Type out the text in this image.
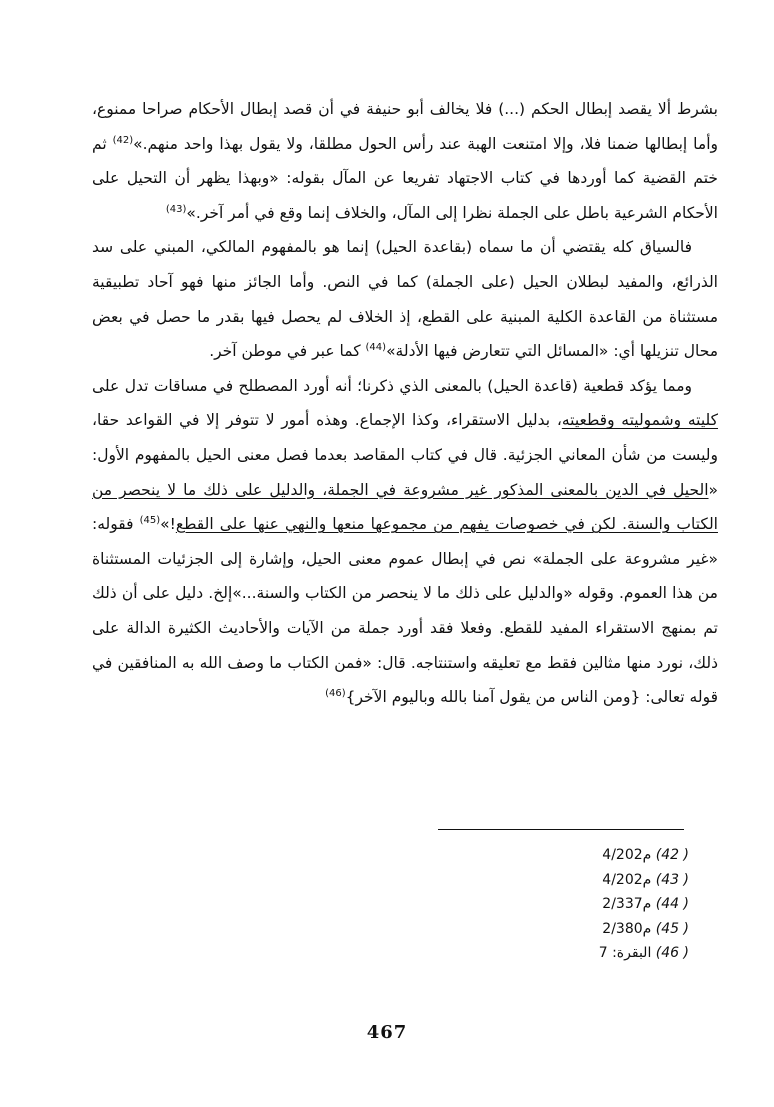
بشرط ألا يقصد إبطال الحكم (...) فلا يخالف أبو حنيفة في أن قصد إبطال الأحكام صراحا ممنوع، وأما إبطالها ضمنا فلا، وإلا امتنعت الهبة عند رأس الحول مطلقا، ولا يقول بهذا واحد منهم.»$^{(42)}$ ثم ختم القضية كما أوردها في كتاب الاجتهاد تفريعا عن المآل بقوله: «وبهذا يظهر أن التحيل على الأحكام الشرعية باطل على الجملة نظرا إلى المآل، والخلاف إنما وقع في أمر آخر.»$^{(43)}$

فالسياق كله يقتضي أن ما سماه (بقاعدة الحيل) إنما هو بالمفهوم المالكي، المبني على سد الذرائع، والمفيد لبطلان الحيل (على الجملة) كما في النص. وأما الجائز منها فهو آحاد تطبيقية مستثناة من القاعدة الكلية المبنية على القطع، إذ الخلاف لم يحصل فيها بقدر ما حصل في بعض محال تنزيلها أي: «المسائل التي تتعارض فيها الأدلة»$^{(44)}$ كما عبر في موطن آخر.

ومما يؤكد قطعية (قاعدة الحيل) بالمعنى الذي ذكرنا؛ أنه أورد المصطلح في مساقات تدل على كليته وشموليته وقطعيته، بدليل الاستقراء، وكذا الإجماع. وهذه أمور لا تتوفر إلا في القواعد حقا، وليست من شأن المعاني الجزئية. قال في كتاب المقاصد بعدما فصل معنى الحيل بالمفهوم الأول: «الحيل في الدين بالمعنى المذكور غير مشروعة في الجملة، والدليل على ذلك ما لا ينحصر من الكتاب والسنة. لكن في خصوصات يفهم من مجموعها منعها والنهي عنها على القطع!»$^{(45)}$ فقوله: «غير مشروعة على الجملة» نص في إبطال عموم معنى الحيل، وإشارة إلى الجزئيات المستثناة من هذا العموم. وقوله «والدليل على ذلك ما لا ينحصر من الكتاب والسنة...»إلخ. دليل على أن ذلك تم بمنهج الاستقراء المفيد للقطع. وفعلا فقد أورد جملة من الآيات والأحاديث الكثيرة الدالة على ذلك، نورد منها مثالين فقط مع تعليقه واستنتاجه. قال: «فمن الكتاب ما وصف الله به المنافقين في قوله تعالى: {ومن الناس من يقول آمنا بالله وباليوم الآخر}$^{(46)}$

( 42) م4/202
( 43) م4/202
( 44) م2/337
( 45) م2/380
( 46) البقرة: 7
467
